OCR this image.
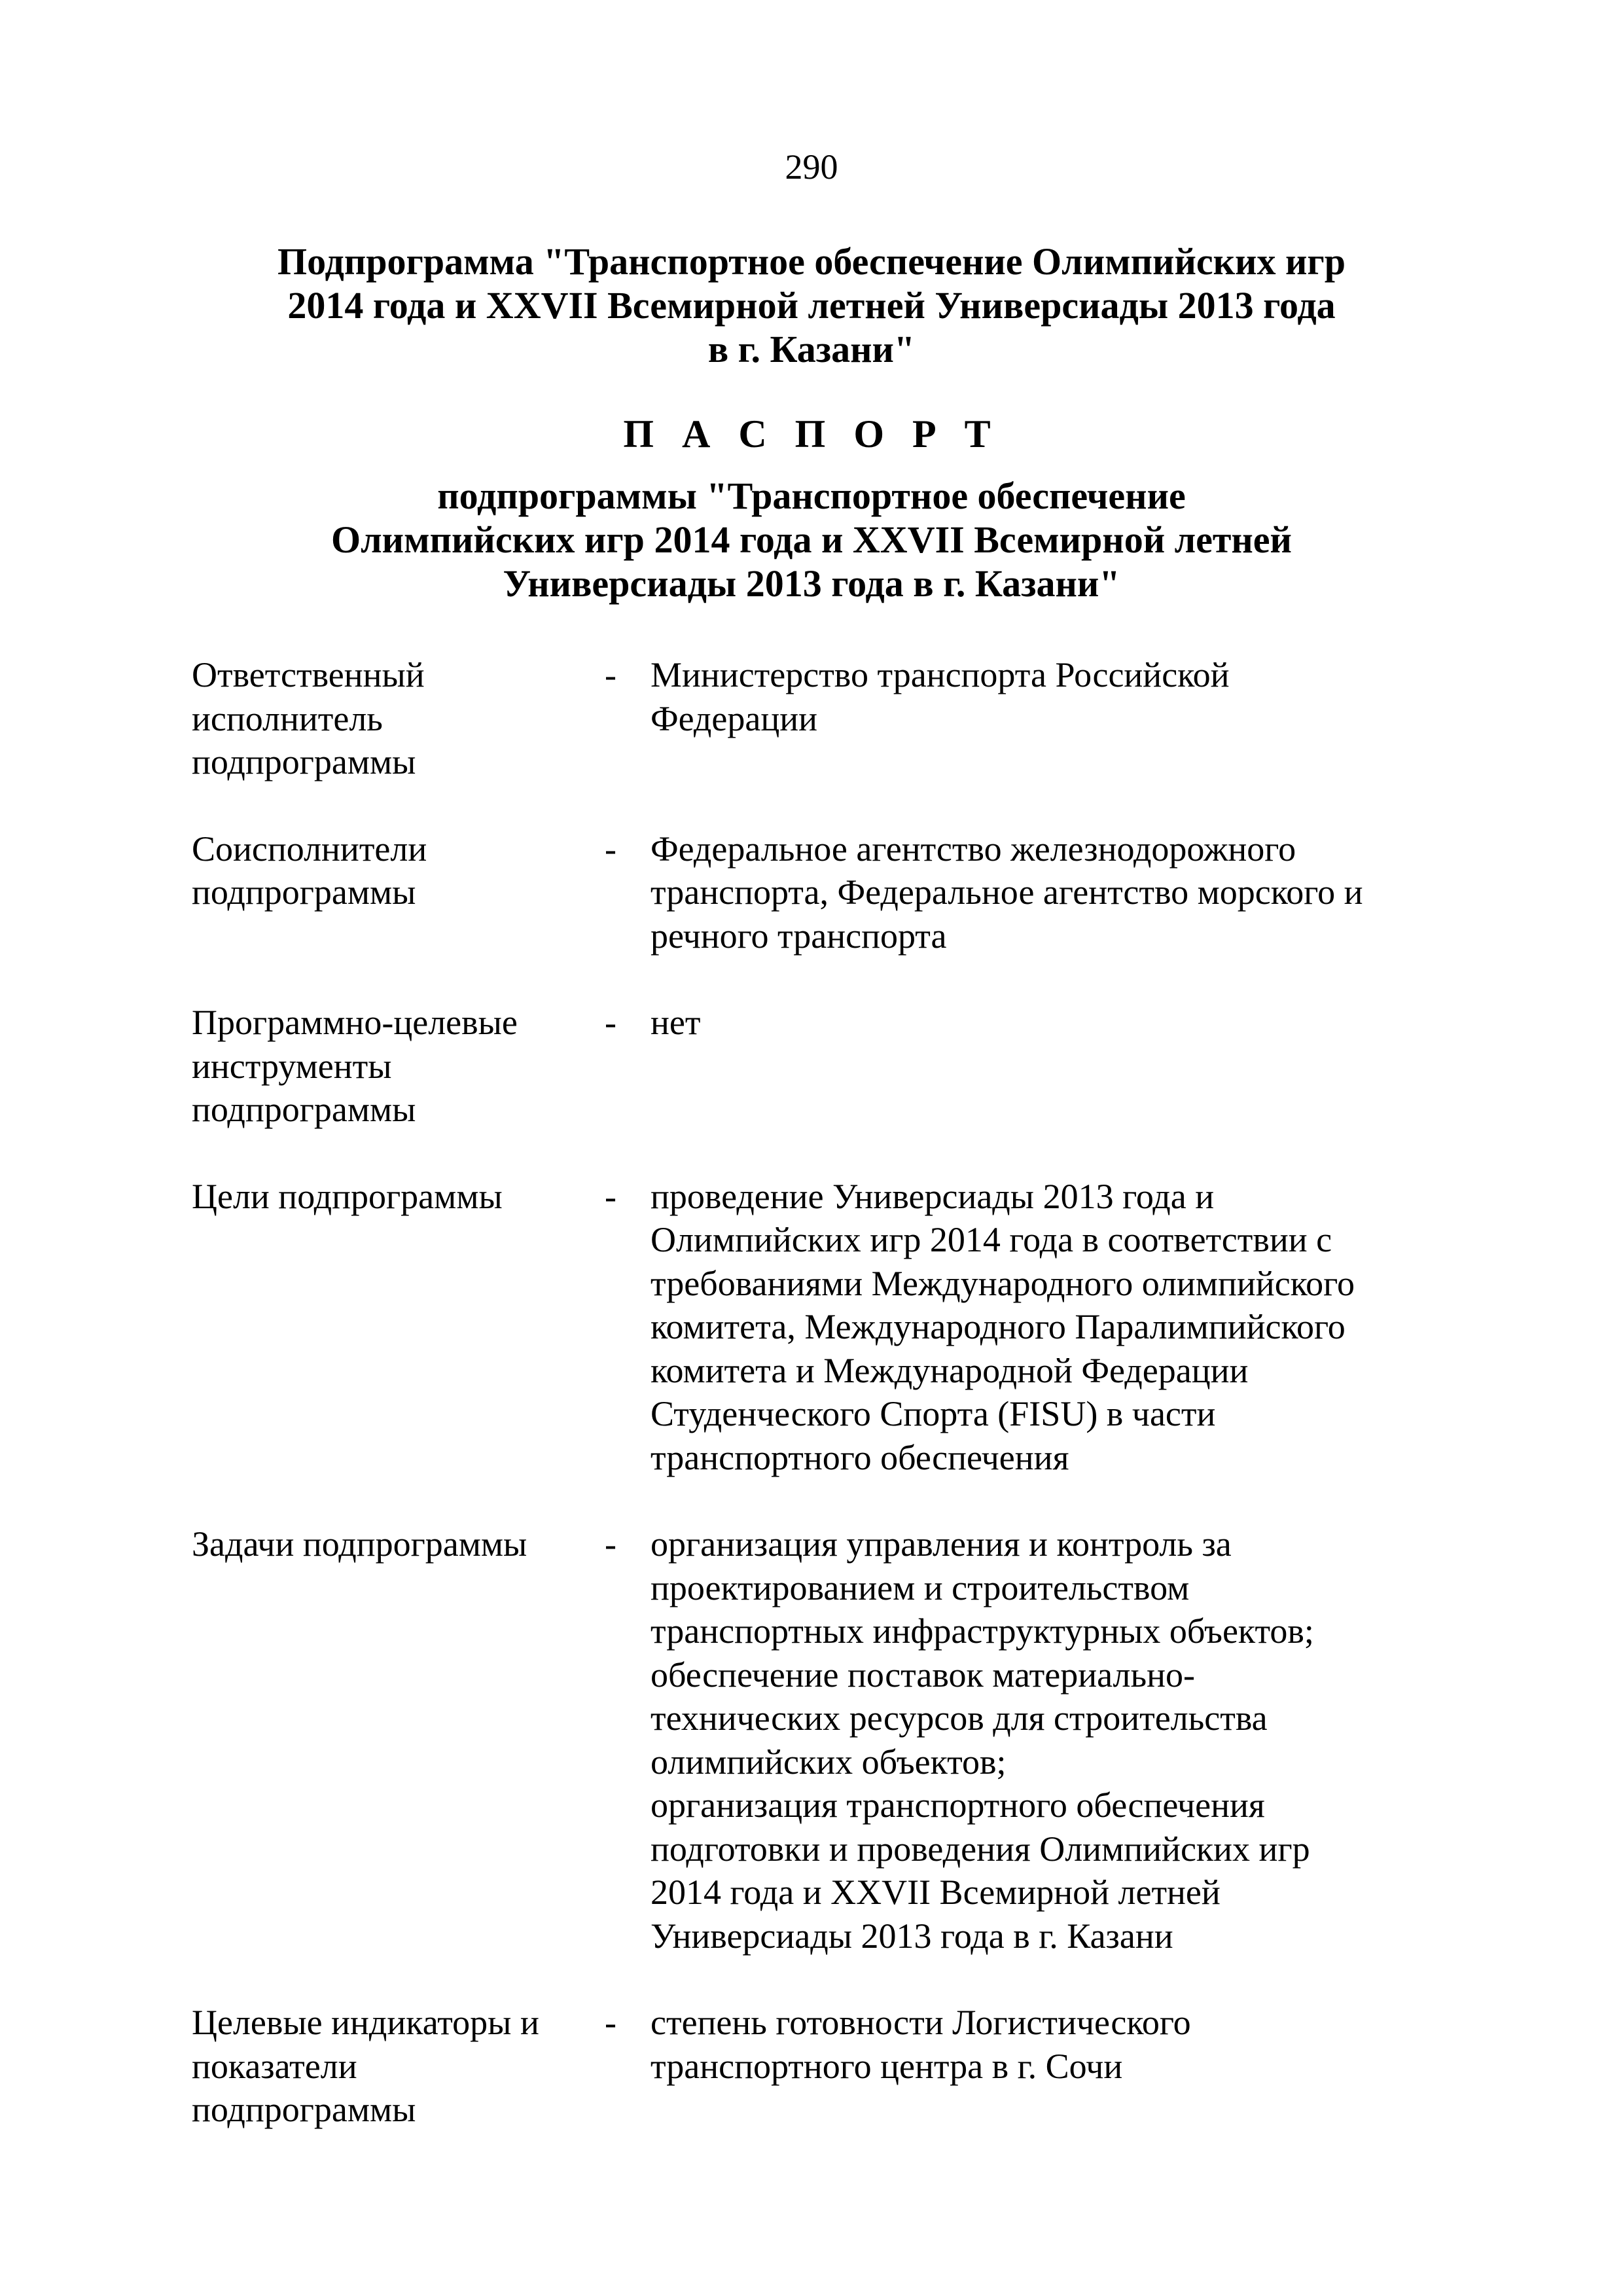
290
Подпрограмма "Транспортное обеспечение Олимпийских игр
2014 года и XXVII Всемирной летней Универсиады 2013 года
в г. Казани"
П А С П О Р Т
подпрограммы "Транспортное обеспечение
Олимпийских игр 2014 года и XXVII Всемирной летней
Универсиады 2013 года в г. Казани"
Ответственный
исполнитель
подпрограммы
- Министерство транспорта Российской
Федерации
Соисполнители
подпрограммы
- Федеральное агентство железнодорожного
транспорта, Федеральное агентство морского и
речного транспорта
Программно-целевые
инструменты
подпрограммы
- нет
Цели подпрограммы	- проведение Универсиады 2013 года и
Олимпийских игр 2014 года в соответствии с
требованиями Международного олимпийского
комитета, Международного Паралимпийского
комитета и Международной Федерации
Студенческого Спорта (FISU) в части
транспортного обеспечения
Задачи подпрограммы	- организация управления и контроль за
проектированием и строительством
транспортных инфраструктурных объектов;
обеспечение поставок материально-
технических ресурсов для строительства
олимпийских объектов;
организация транспортного обеспечения
подготовки и проведения Олимпийских игр
2014 года и XXVII Всемирной летней
Универсиады 2013 года в г. Казани
Целевые индикаторы и
показатели
подпрограммы
- степень готовности Логистического
транспортного центра в г. Сочи
